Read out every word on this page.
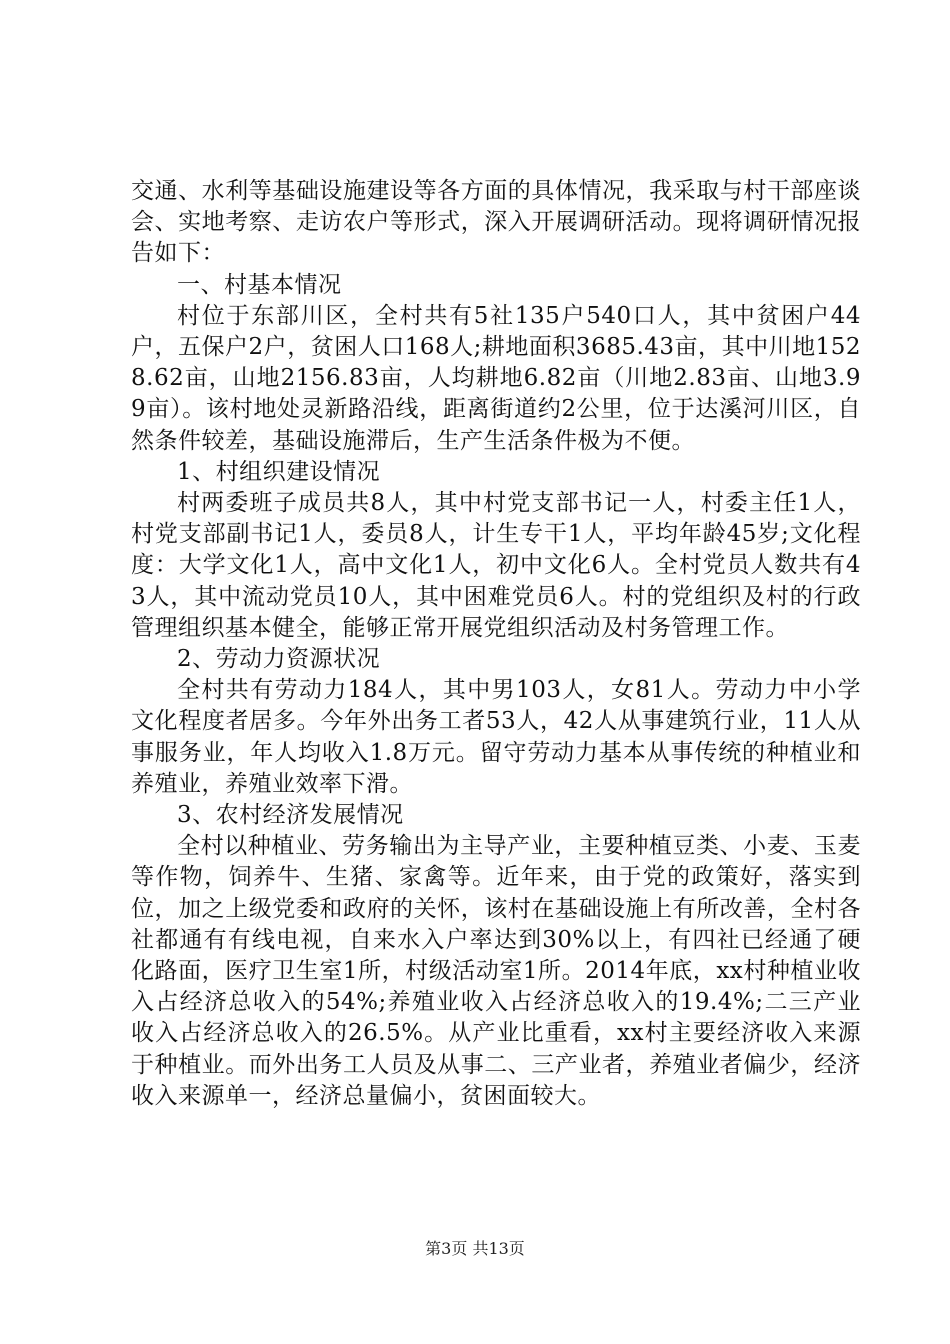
交通、水利等基础设施建设等各方面的具体情况，我采取与村干部座谈会、实地考察、走访农户等形式，深入开展调研活动。现将调研情况报告如下：

一、村基本情况

村位于东部川区，全村共有5社135户540口人，其中贫困户44户，五保户2户，贫困人口168人;耕地面积3685.43亩，其中川地1528.62亩，山地2156.83亩，人均耕地6.82亩（川地2.83亩、山地3.99亩）。该村地处灵新路沿线，距离街道约2公里，位于达溪河川区，自然条件较差，基础设施滞后，生产生活条件极为不便。

1、村组织建设情况

村两委班子成员共8人，其中村党支部书记一人，村委主任1人，村党支部副书记1人，委员8人，计生专干1人，平均年龄45岁;文化程度：大学文化1人，高中文化1人，初中文化6人。全村党员人数共有43人，其中流动党员10人，其中困难党员6人。村的党组织及村的行政管理组织基本健全，能够正常开展党组织活动及村务管理工作。

2、劳动力资源状况

全村共有劳动力184人，其中男103人，女81人。劳动力中小学文化程度者居多。今年外出务工者53人，42人从事建筑行业，11人从事服务业，年人均收入1.8万元。留守劳动力基本从事传统的种植业和养殖业，养殖业效率下滑。

3、农村经济发展情况

全村以种植业、劳务输出为主导产业，主要种植豆类、小麦、玉麦等作物，饲养牛、生猪、家禽等。近年来，由于党的政策好，落实到位，加之上级党委和政府的关怀，该村在基础设施上有所改善，全村各社都通有有线电视，自来水入户率达到30%以上，有四社已经通了硬化路面，医疗卫生室1所，村级活动室1所。2014年底，xx村种植业收入占经济总收入的54%;养殖业收入占经济总收入的19.4%;二三产业收入占经济总收入的26.5%。从产业比重看，xx村主要经济收入来源于种植业。而外出务工人员及从事二、三产业者，养殖业者偏少，经济收入来源单一，经济总量偏小，贫困面较大。

第3页 共13页
